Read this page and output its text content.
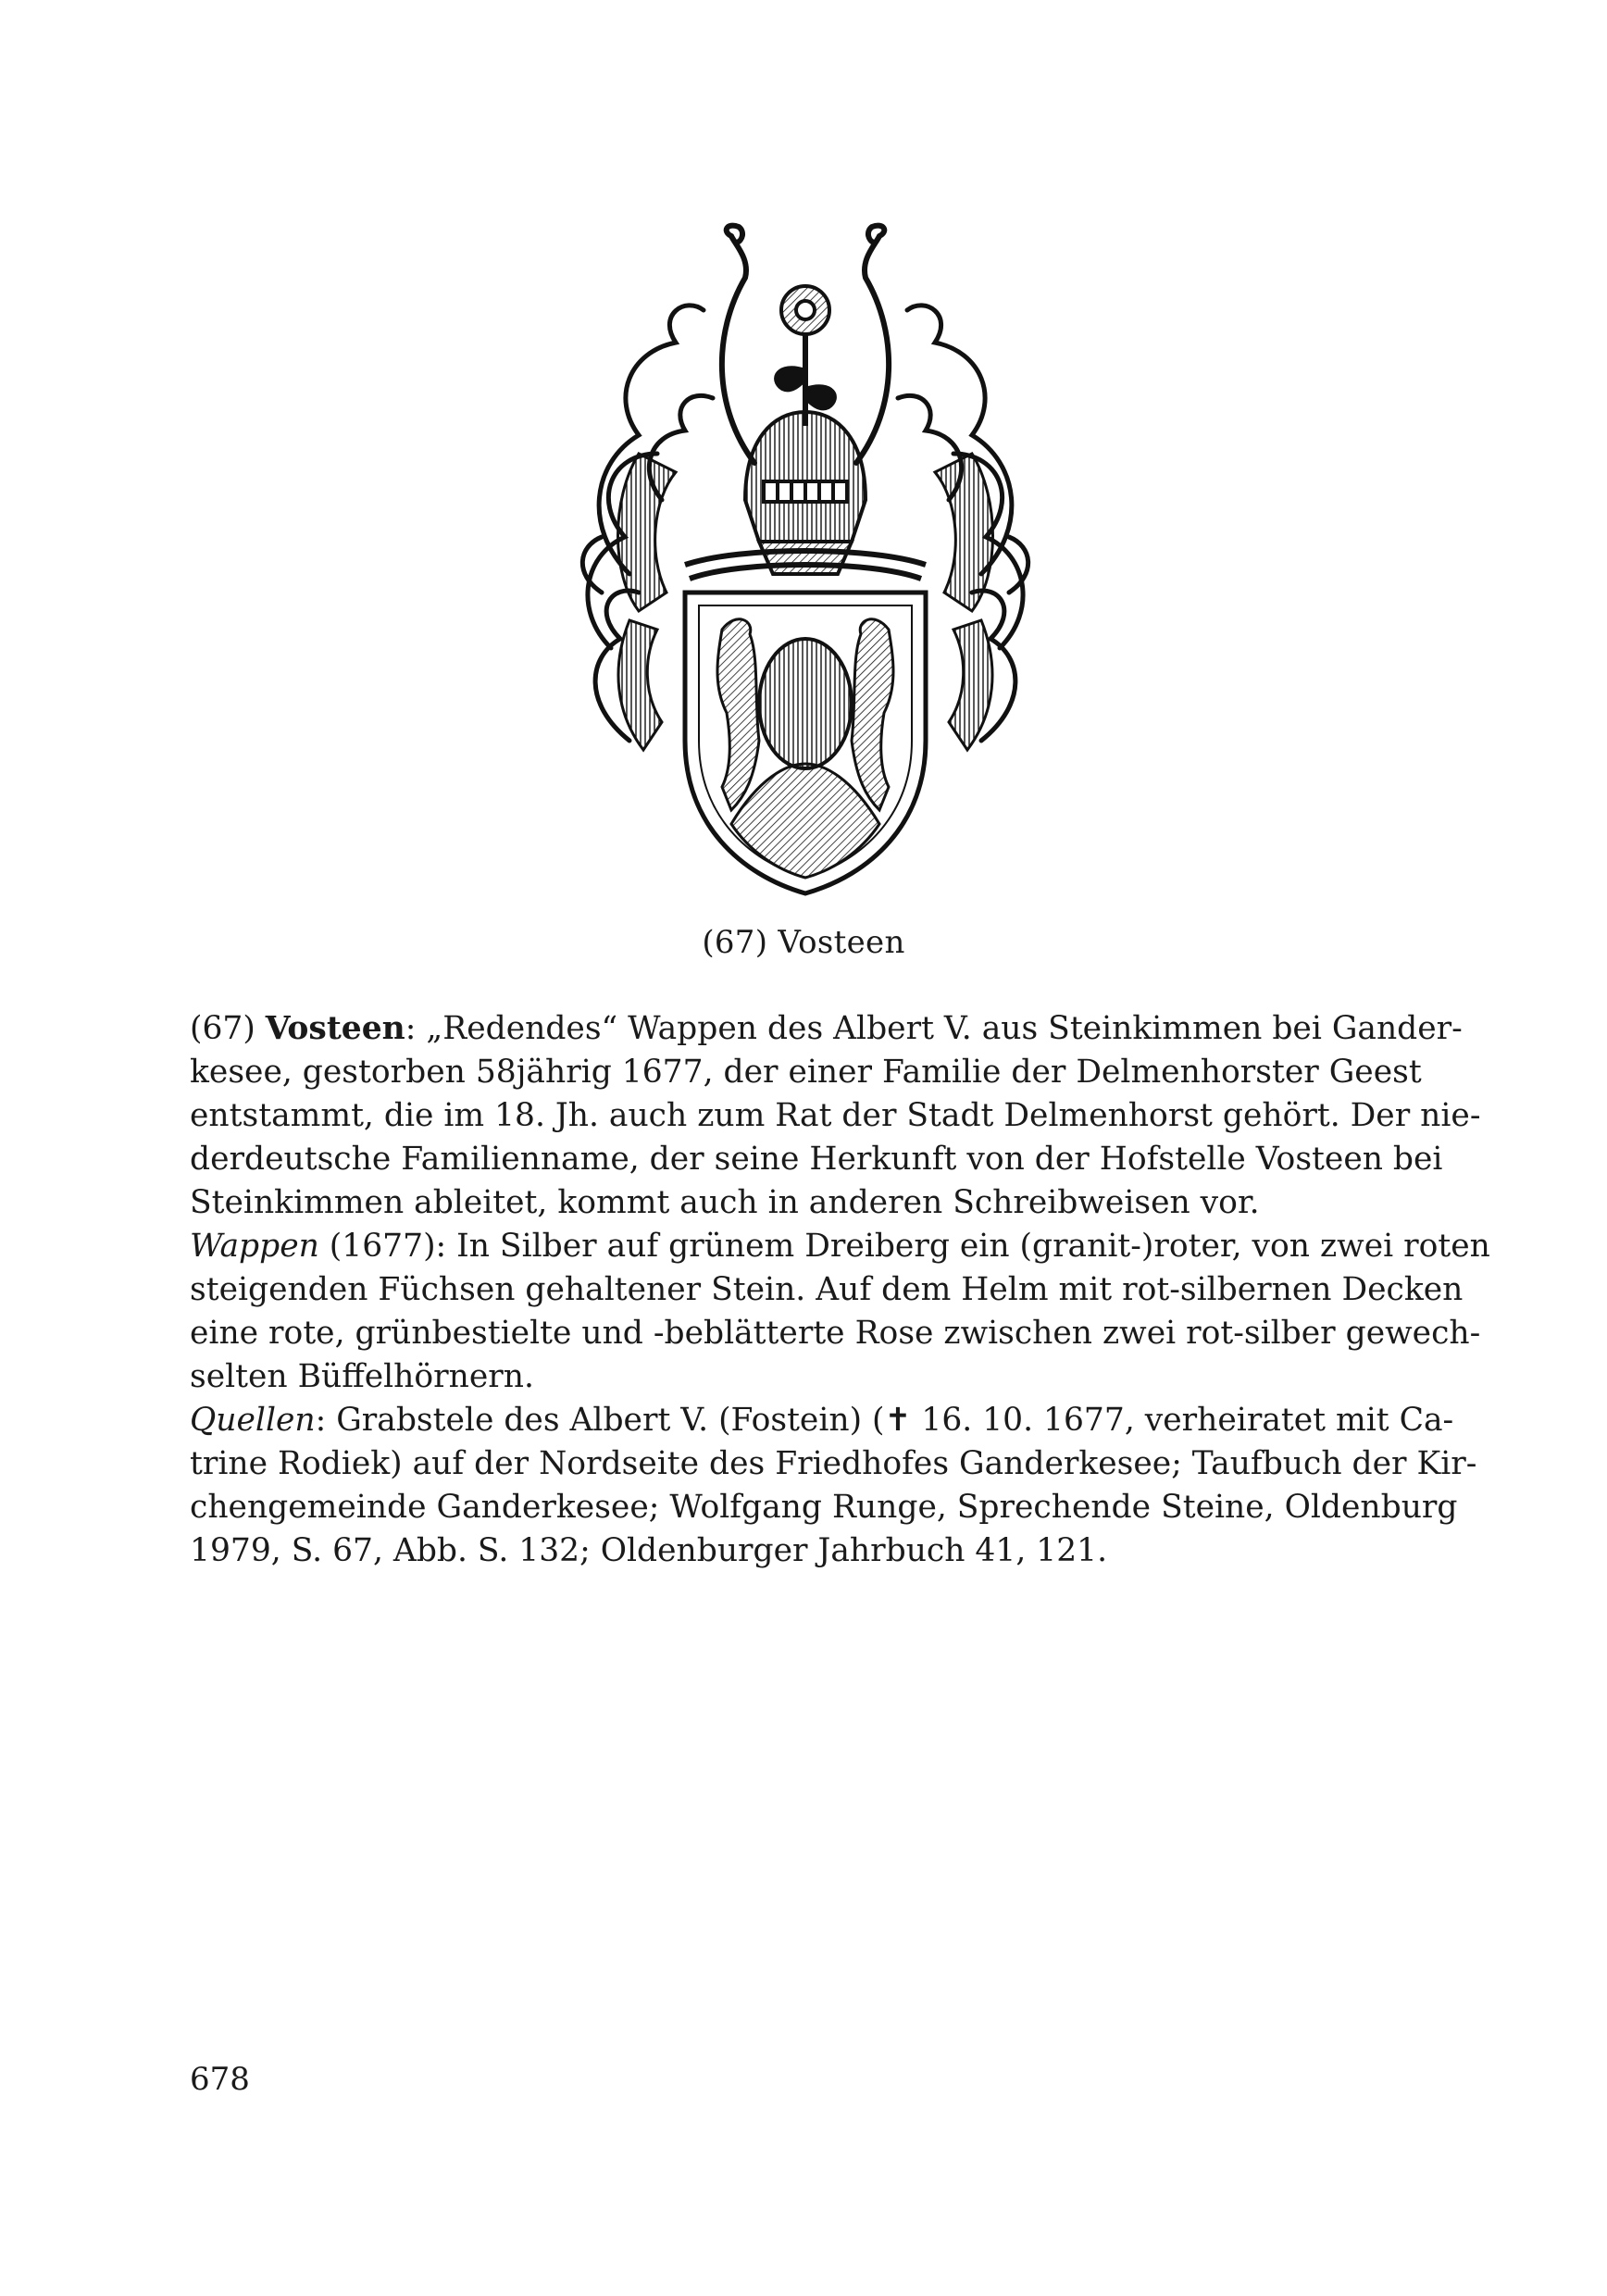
(67) Vosteen
(67) Vosteen: „Redendes“ Wappen des Albert V. aus Steinkimmen bei Gander-
kesee, gestorben 58jährig 1677, der einer Familie der Delmenhorster Geest
entstammt, die im 18. Jh. auch zum Rat der Stadt Delmenhorst gehört. Der nie-
derdeutsche Familienname, der seine Herkunft von der Hofstelle Vosteen bei
Steinkimmen ableitet, kommt auch in anderen Schreibweisen vor.
Wappen (1677): In Silber auf grünem Dreiberg ein (granit-)roter, von zwei roten
steigenden Füchsen gehaltener Stein. Auf dem Helm mit rot-silbernen Decken
eine rote, grünbestielte und -beblätterte Rose zwischen zwei rot-silber gewech-
selten Büffelhörnern.
Quellen: Grabstele des Albert V. (Fostein) (✝ 16. 10. 1677, verheiratet mit Ca-
trine Rodiek) auf der Nordseite des Friedhofes Ganderkesee; Taufbuch der Kir-
chengemeinde Ganderkesee; Wolfgang Runge, Sprechende Steine, Oldenburg
1979, S. 67, Abb. S. 132; Oldenburger Jahrbuch 41, 121.
678
